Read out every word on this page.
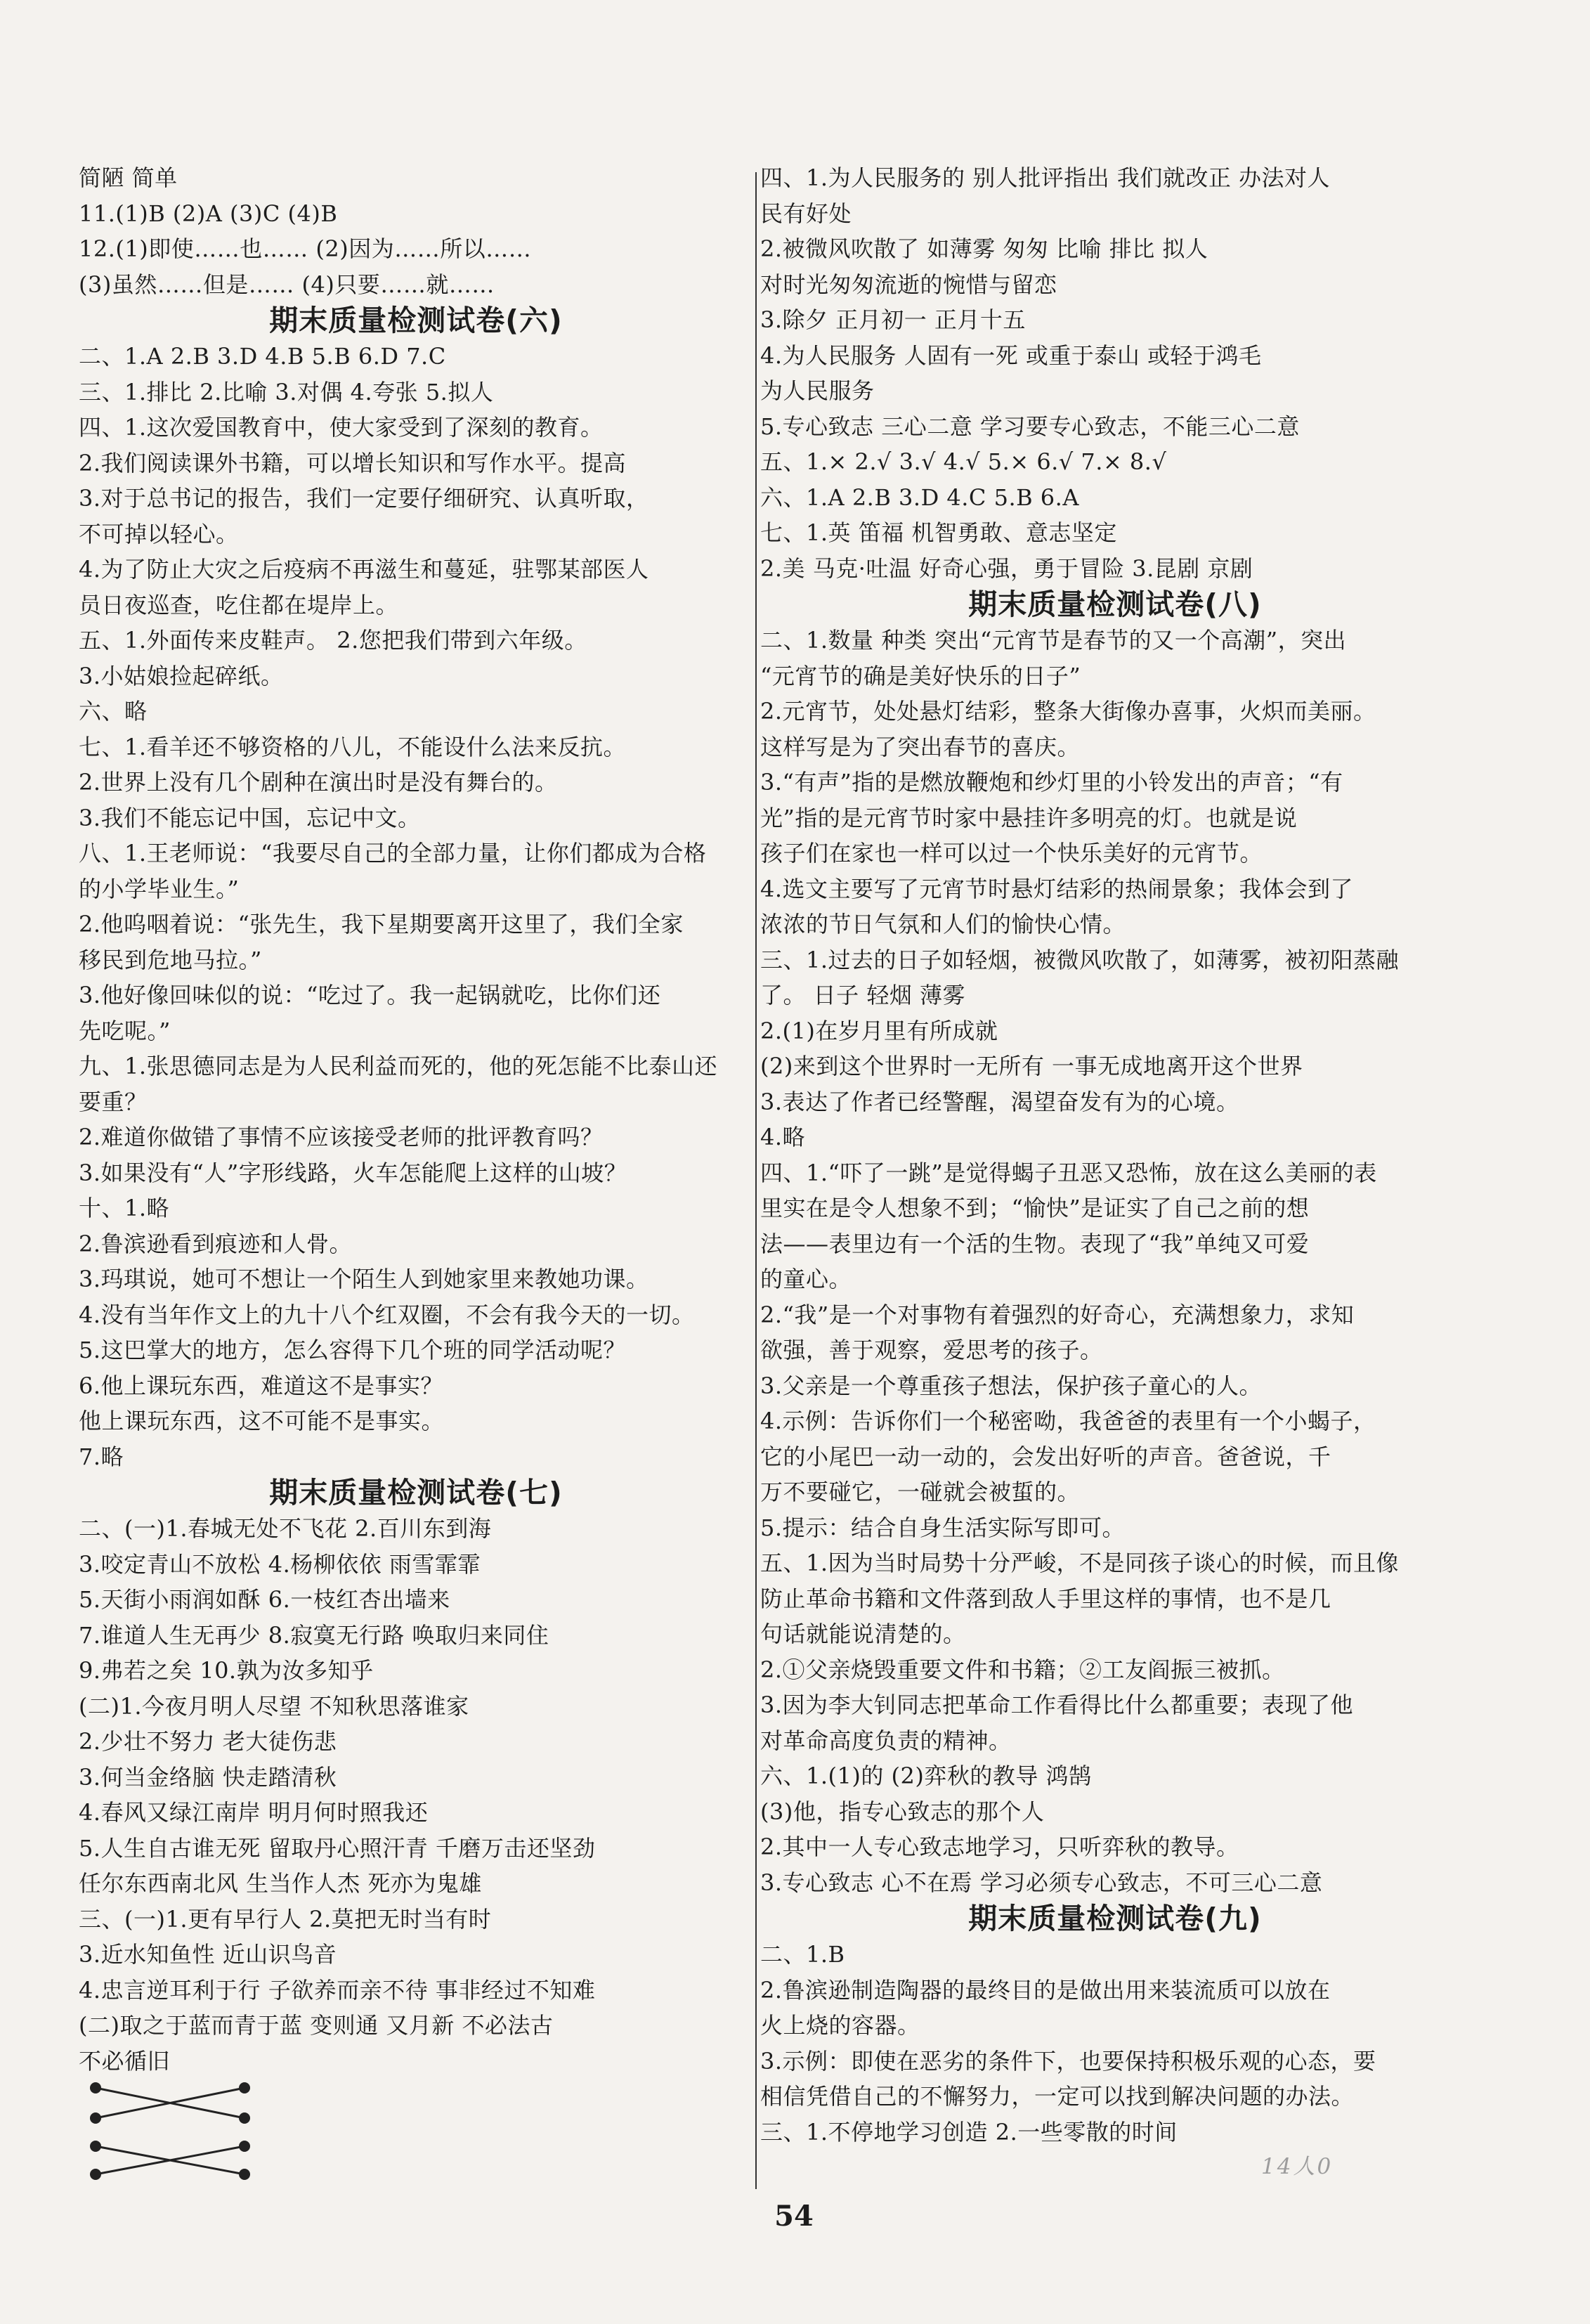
简陋 简单
11.(1)B (2)A (3)C (4)B
12.(1)即使……也…… (2)因为……所以……
(3)虽然……但是…… (4)只要……就……
期末质量检测试卷(六)
二、1.A 2.B 3.D 4.B 5.B 6.D 7.C
三、1.排比 2.比喻 3.对偶 4.夸张 5.拟人
四、1.这次爱国教育中，使大家受到了深刻的教育。
2.我们阅读课外书籍，可以增长知识和写作水平。提高
3.对于总书记的报告，我们一定要仔细研究、认真听取，
不可掉以轻心。
4.为了防止大灾之后疫病不再滋生和蔓延，驻鄂某部医人
员日夜巡查，吃住都在堤岸上。
五、1.外面传来皮鞋声。 2.您把我们带到六年级。
3.小姑娘捡起碎纸。
六、略
七、1.看羊还不够资格的八儿，不能设什么法来反抗。
2.世界上没有几个剧种在演出时是没有舞台的。
3.我们不能忘记中国，忘记中文。
八、1.王老师说：“我要尽自己的全部力量，让你们都成为合格
的小学毕业生。”
2.他呜咽着说：“张先生，我下星期要离开这里了，我们全家
移民到危地马拉。”
3.他好像回味似的说：“吃过了。我一起锅就吃，比你们还
先吃呢。”
九、1.张思德同志是为人民利益而死的，他的死怎能不比泰山还
要重？
2.难道你做错了事情不应该接受老师的批评教育吗？
3.如果没有“人”字形线路，火车怎能爬上这样的山坡？
十、1.略
2.鲁滨逊看到痕迹和人骨。
3.玛琪说，她可不想让一个陌生人到她家里来教她功课。
4.没有当年作文上的九十八个红双圈，不会有我今天的一切。
5.这巴掌大的地方，怎么容得下几个班的同学活动呢？
6.他上课玩东西，难道这不是事实？
他上课玩东西，这不可能不是事实。
7.略
期末质量检测试卷(七)
二、(一)1.春城无处不飞花 2.百川东到海
3.咬定青山不放松 4.杨柳依依 雨雪霏霏
5.天街小雨润如酥 6.一枝红杏出墙来
7.谁道人生无再少 8.寂寞无行路 唤取归来同住
9.弗若之矣 10.孰为汝多知乎
(二)1.今夜月明人尽望 不知秋思落谁家
2.少壮不努力 老大徒伤悲
3.何当金络脑 快走踏清秋
4.春风又绿江南岸 明月何时照我还
5.人生自古谁无死 留取丹心照汗青 千磨万击还坚劲
任尔东西南北风 生当作人杰 死亦为鬼雄
三、(一)1.更有早行人 2.莫把无时当有时
3.近水知鱼性 近山识鸟音
4.忠言逆耳利于行 子欲养而亲不待 事非经过不知难
(二)取之于蓝而青于蓝 变则通 又月新 不必法古
不必循旧
四、1.为人民服务的 别人批评指出 我们就改正 办法对人
民有好处
2.被微风吹散了 如薄雾 匆匆 比喻 排比 拟人
对时光匆匆流逝的惋惜与留恋
3.除夕 正月初一 正月十五
4.为人民服务 人固有一死 或重于泰山 或轻于鸿毛
为人民服务
5.专心致志 三心二意 学习要专心致志，不能三心二意
五、1.× 2.√ 3.√ 4.√ 5.× 6.√ 7.× 8.√
六、1.A 2.B 3.D 4.C 5.B 6.A
七、1.英 笛福 机智勇敢、意志坚定
2.美 马克·吐温 好奇心强，勇于冒险 3.昆剧 京剧
期末质量检测试卷(八)
二、1.数量 种类 突出“元宵节是春节的又一个高潮”，突出
“元宵节的确是美好快乐的日子”
2.元宵节，处处悬灯结彩，整条大街像办喜事，火炽而美丽。
这样写是为了突出春节的喜庆。
3.“有声”指的是燃放鞭炮和纱灯里的小铃发出的声音；“有
光”指的是元宵节时家中悬挂许多明亮的灯。也就是说
孩子们在家也一样可以过一个快乐美好的元宵节。
4.选文主要写了元宵节时悬灯结彩的热闹景象；我体会到了
浓浓的节日气氛和人们的愉快心情。
三、1.过去的日子如轻烟，被微风吹散了，如薄雾，被初阳蒸融
了。 日子 轻烟 薄雾
2.(1)在岁月里有所成就
(2)来到这个世界时一无所有 一事无成地离开这个世界
3.表达了作者已经警醒，渴望奋发有为的心境。
4.略
四、1.“吓了一跳”是觉得蝎子丑恶又恐怖，放在这么美丽的表
里实在是令人想象不到；“愉快”是证实了自己之前的想
法——表里边有一个活的生物。表现了“我”单纯又可爱
的童心。
2.“我”是一个对事物有着强烈的好奇心，充满想象力，求知
欲强，善于观察，爱思考的孩子。
3.父亲是一个尊重孩子想法，保护孩子童心的人。
4.示例：告诉你们一个秘密呦，我爸爸的表里有一个小蝎子，
它的小尾巴一动一动的，会发出好听的声音。爸爸说，千
万不要碰它，一碰就会被蜇的。
5.提示：结合自身生活实际写即可。
五、1.因为当时局势十分严峻，不是同孩子谈心的时候，而且像
防止革命书籍和文件落到敌人手里这样的事情，也不是几
句话就能说清楚的。
2.①父亲烧毁重要文件和书籍；②工友阎振三被抓。
3.因为李大钊同志把革命工作看得比什么都重要；表现了他
对革命高度负责的精神。
六、1.(1)的 (2)弈秋的教导 鸿鹄
(3)他，指专心致志的那个人
2.其中一人专心致志地学习，只听弈秋的教导。
3.专心致志 心不在焉 学习必须专心致志，不可三心二意
期末质量检测试卷(九)
二、1.B
2.鲁滨逊制造陶器的最终目的是做出用来装流质可以放在
火上烧的容器。
3.示例：即使在恶劣的条件下，也要保持积极乐观的心态，要
相信凭借自己的不懈努力，一定可以找到解决问题的办法。
三、1.不停地学习创造 2.一些零散的时间
14人0
54
